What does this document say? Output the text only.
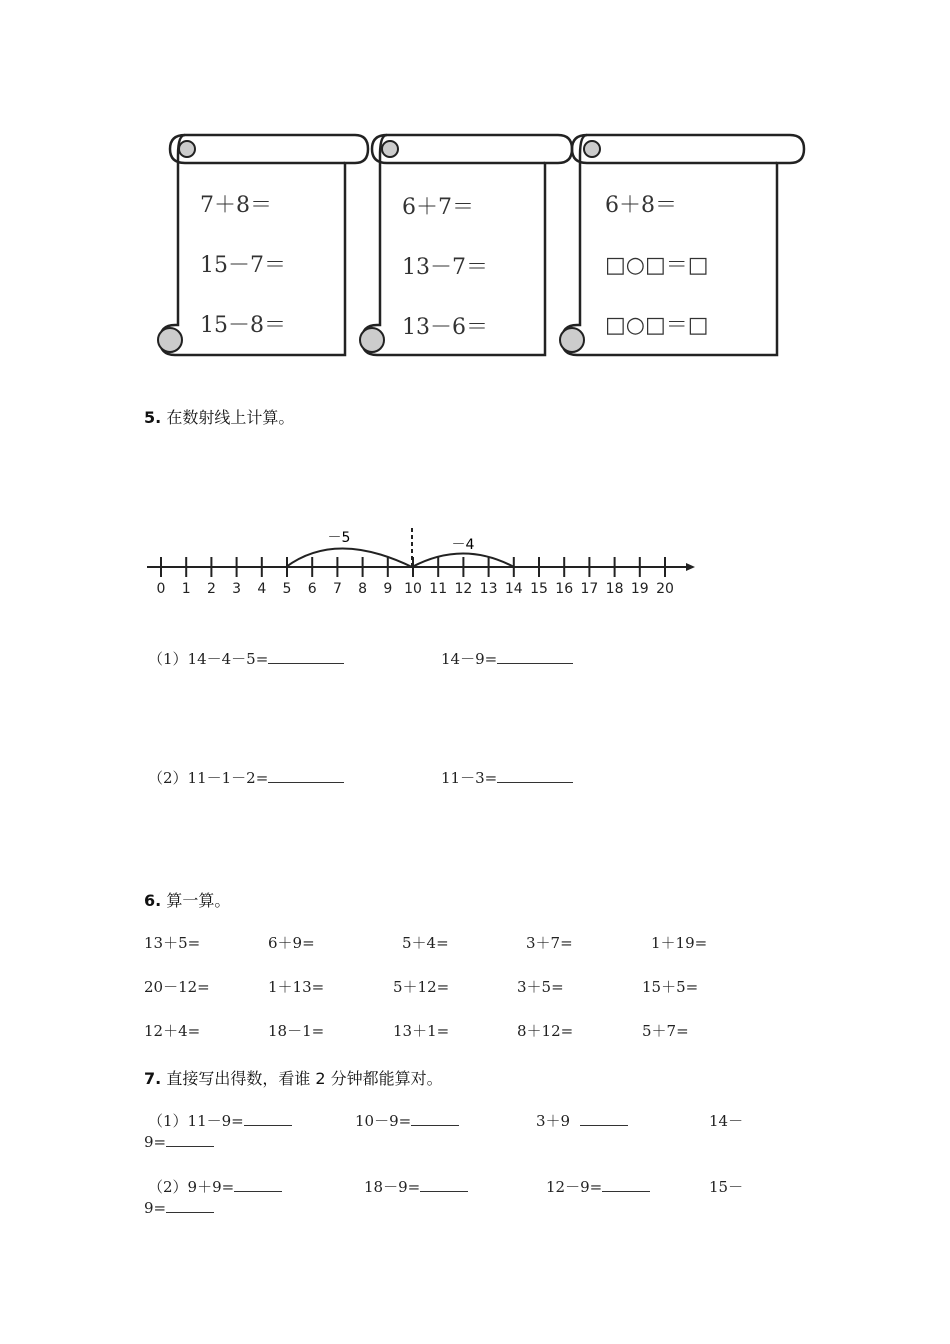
7＋8＝
15－7＝
15－8＝
6＋7＝
13－7＝
13－6＝
6＋8＝
□○□＝□
□○□＝□
5. 在数射线上计算。
0 1 2 3 4 5 6 7 8 9 10 11 12 13 14 15 16 17 18 19 20
－5	－4
（1）14－4－5=	14－9=
（2）11－1－2=	11－3=
6. 算一算。
13＋5=	6＋9=	5＋4=	3＋7=	1＋19=
20－12=	1＋13=	5＋12=	3＋5=	15＋5=
12＋4=	18－1=	13＋1=	8＋12=	5＋7=
7. 直接写出得数，看谁 2 分钟都能算对。
（1）11－9=	10－9=	3＋9	14－
9=
（2）9＋9=	18－9=	12－9=	15－
9=
